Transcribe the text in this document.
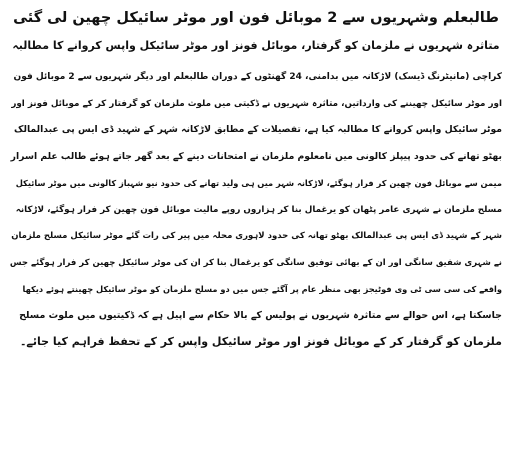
طالبعلم وشہریوں سے 2 موبائل فون اور موٹر سائیکل چھین لی گئی
متاثرہ شہریوں نے ملزمان کو گرفتار، موبائل فونز اور موٹر سائیکل واپس کروانے کا مطالبہ

کراچی (مانیٹرنگ ڈیسک) لاڑکانہ میں بدامنی، 24 گھنٹوں کے دوران طالبعلم اور دیگر شہریوں سے 2 موبائل فون
اور موٹر سائیکل چھیننے کی وارداتیں، متاثرہ شہریوں نے ڈکیتی میں ملوث ملزمان کو گرفتار کر کے موبائل فونز اور
موٹر سائیکل واپس کروانے کا مطالبہ کیا ہے، تفصیلات کے مطابق لاڑکانہ شہر کے شہید ڈی ایس پی عبدالمالک
بھٹو تھانے کی حدود پیپلز کالونی میں نامعلوم ملزمان نے امتحانات دینے کے بعد گھر جاتے ہوئے طالب علم اسرار
میمن سے موبائل فون چھین کر فرار ہوگئے، لاڑکانہ شہر میں ہی ولید تھانے کی حدود نیو شہباز کالونی میں موٹر سائیکل
مسلح ملزمان نے شہری عامر پٹھان کو یرغمال بنا کر ہزاروں روپے مالیت موبائل فون چھین کر فرار ہوگئے، لاڑکانہ
شہر کے شہید ڈی ایس پی عبدالمالک بھٹو تھانہ کی حدود لاہوری محلہ میں پیر کی رات گئے موٹر سائیکل مسلح ملزمان
نے شہری شفیق سانگی اور ان کے بھائی توفیق سانگی کو یرغمال بنا کر ان کی موٹر سائیکل چھین کر فرار ہوگئے جس
واقعے کی سی سی ٹی وی فوٹیجز بھی منظر عام پر آگئے جس میں دو مسلح ملزمان کو موٹر سائیکل چھینتے ہوئے دیکھا
جاسکتا ہے، اس حوالے سے متاثرہ شہریوں نے پولیس کے بالا حکام سے اپیل ہے کہ ڈکیتیوں میں ملوث مسلح
ملزمان کو گرفتار کر کے موبائل فونز اور موٹر سائیکل واپس کر کے تحفظ فراہم کیا جائے۔
